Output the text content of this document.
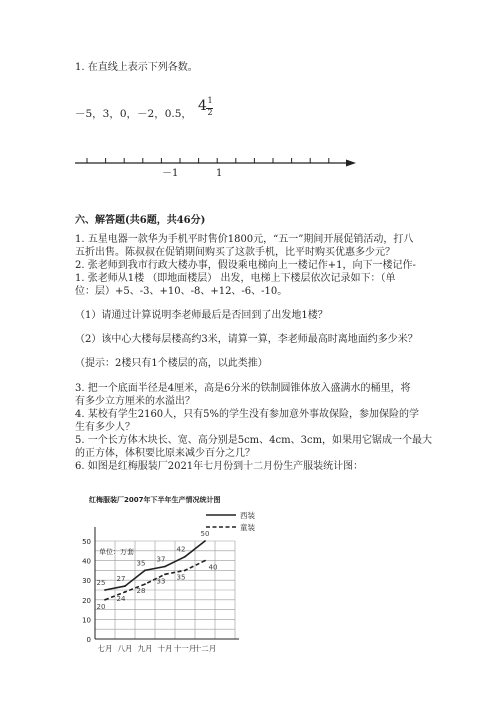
1. 在直线上表示下列各数。
－5，3，0，－2，0.5， 4 1
2
－1	1
六、解答题(共6题，共46分)
1. 五星电器一款华为手机平时售价1800元，“五一”期间开展促销活动，打八
五折出售。陈叔叔在促销期间购买了这款手机，比平时购买优惠多少元？
2. 张老师到我市行政大楼办事，假设乘电梯向上一楼记作+1，向下一楼记作-
1. 张老师从1楼 （即地面楼层） 出发，电梯上下楼层依次记录如下：（单
位：层）+5、-3、+10、-8、+12、-6、-10。
（1）请通过计算说明李老师最后是否回到了出发地1楼？
（2）该中心大楼每层楼高约3米，请算一算，李老师最高时离地面约多少米？
（提示：2楼只有1个楼层的高，以此类推）
3. 把一个底面半径是4厘米，高是6分米的铁制圆锥体放入盛满水的桶里，将
有多少立方厘米的水溢出？
4. 某校有学生2160人，只有5%的学生没有参加意外事故保险，参加保险的学
生有多少人？
5. 一个长方体木块长、宽、高分别是5cm、4cm、3cm，如果用它锯成一个最大
的正方体，体积要比原来减少百分之几？
6. 如图是红梅服装厂2021年七月份到十二月份生产服装统计图：
红梅服装厂2007年下半年生产情况统计图
单位：万套
0
10
20
30
40
50
七月 八月 九月 十月 十一月
十二月
25 27
35 37
42
50
20
24
28
33 35
40
西装
童装
